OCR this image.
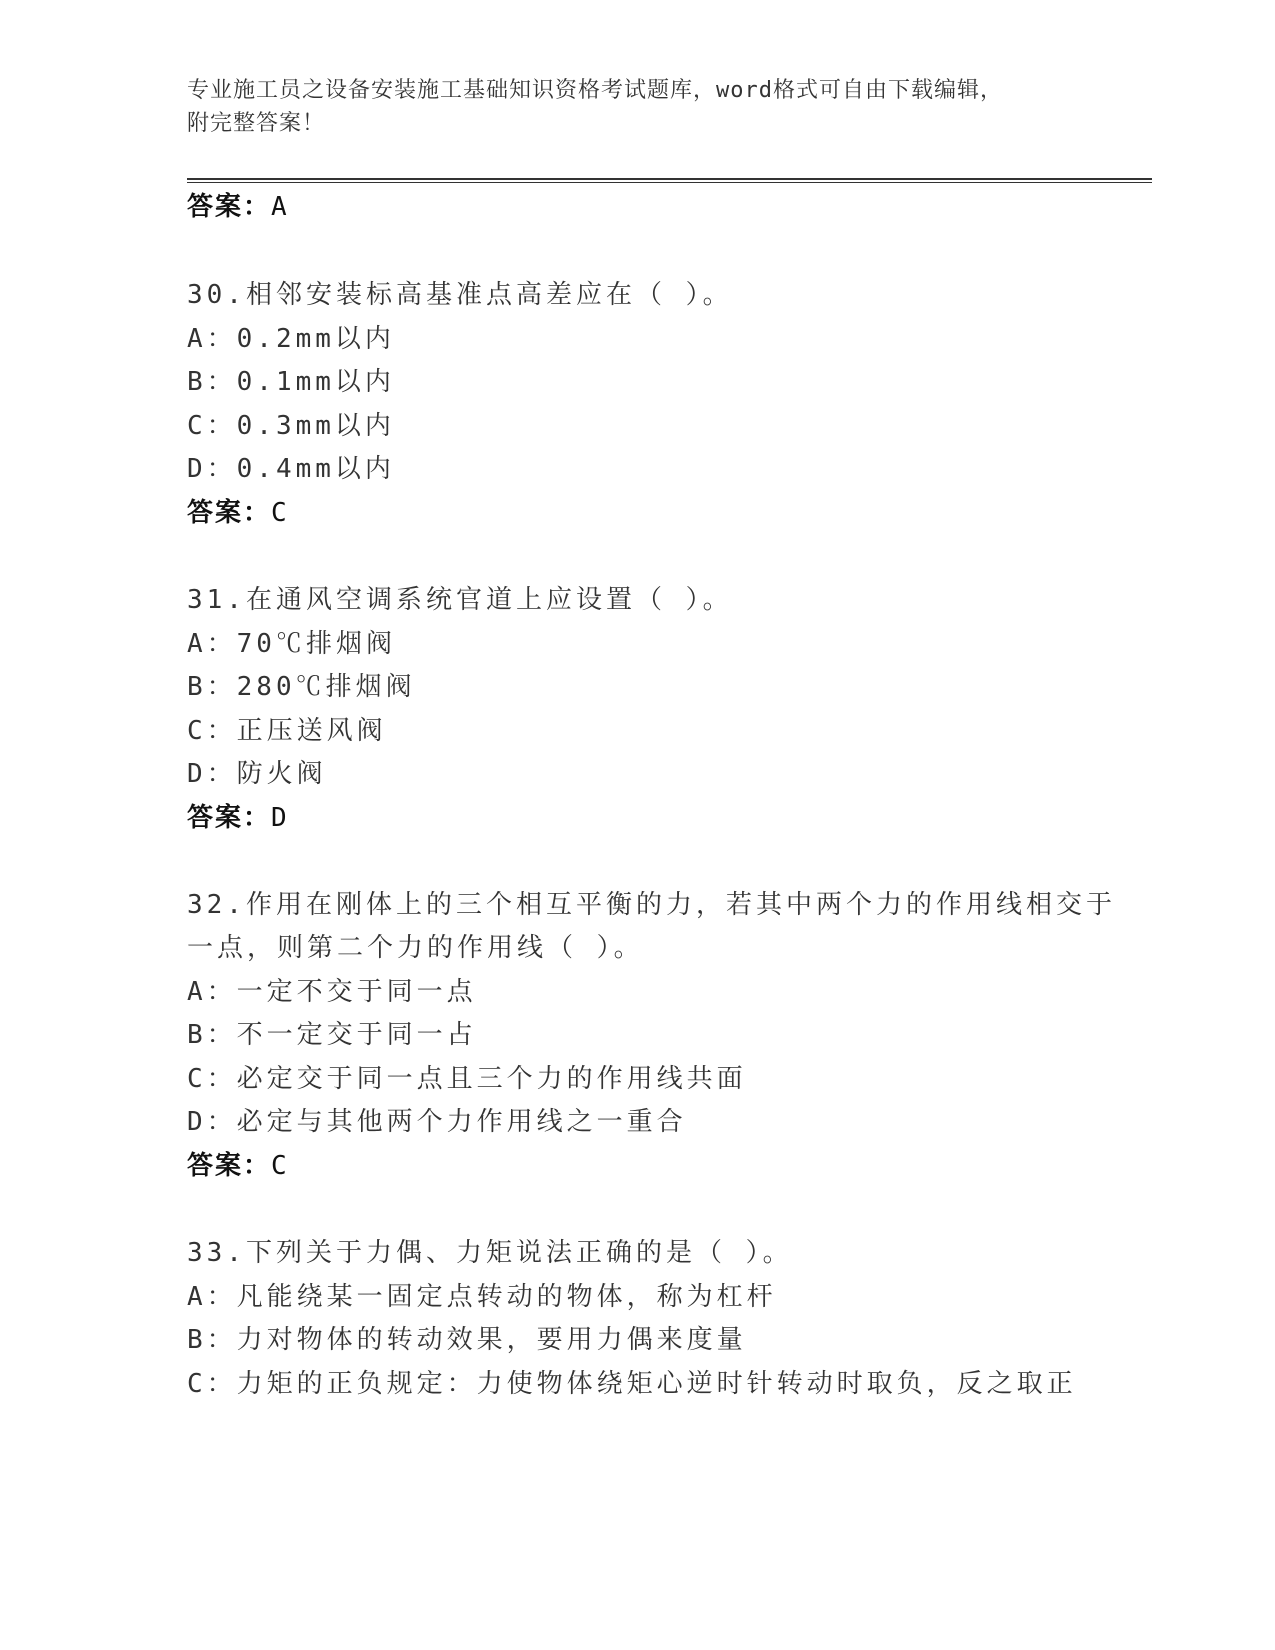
专业施工员之设备安装施工基础知识资格考试题库，word格式可自由下载编辑，
附完整答案！
答案：A
30.相邻安装标高基准点高差应在（ ）。
A：0.2mm以内
B：0.1mm以内
C：0.3mm以内
D：0.4mm以内
答案：C
31.在通风空调系统官道上应设置（ ）。
A：70℃排烟阀
B：280℃排烟阀
C：正压送风阀
D：防火阀
答案：D
32.作用在刚体上的三个相互平衡的力，若其中两个力的作用线相交于
一点，则第二个力的作用线（ ）。
A：一定不交于同一点
B：不一定交于同一占
C：必定交于同一点且三个力的作用线共面
D：必定与其他两个力作用线之一重合
答案：C
33.下列关于力偶、力矩说法正确的是（ ）。
A：凡能绕某一固定点转动的物体，称为杠杆
B：力对物体的转动效果，要用力偶来度量
C：力矩的正负规定：力使物体绕矩心逆时针转动时取负，反之取正
